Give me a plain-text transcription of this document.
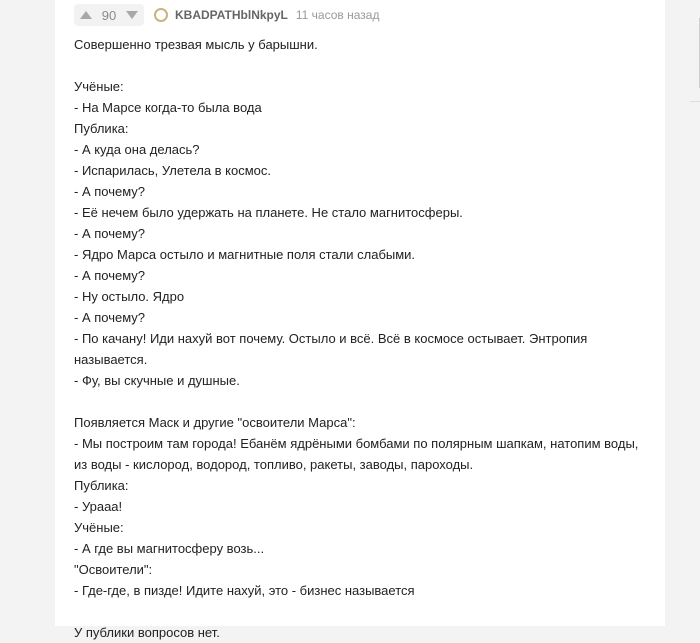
90	KBADPATHblNkpyL 11 часов назад

Совершенно трезвая мысль у барышни.

Учёные:

- На Марсе когда-то была вода

Публика:

- А куда она делась?

- Испарилась, Улетела в космос.

- А почему?

- Её нечем было удержать на планете. Не стало магнитосферы.

- А почему?

- Ядро Марса остыло и магнитные поля стали слабыми.

- А почему?

- Ну остыло. Ядро

- А почему?

- По качану! Иди нахуй вот почему. Остыло и всё. Всё в космосе остывает. Энтропия называется.

- Фу, вы скучные и душные.

Появляется Маск и другие "освоители Марса":

- Мы построим там города! Ебанём ядрёными бомбами по полярным шапкам, натопим воды, из воды - кислород, водород, топливо, ракеты, заводы, пароходы.

Публика:

- Урааа!

Учёные:

- А где вы магнитосферу возь...

"Освоители":

- Где-где, в пизде! Идите нахуй, это - бизнес называется

У публики вопросов нет.
